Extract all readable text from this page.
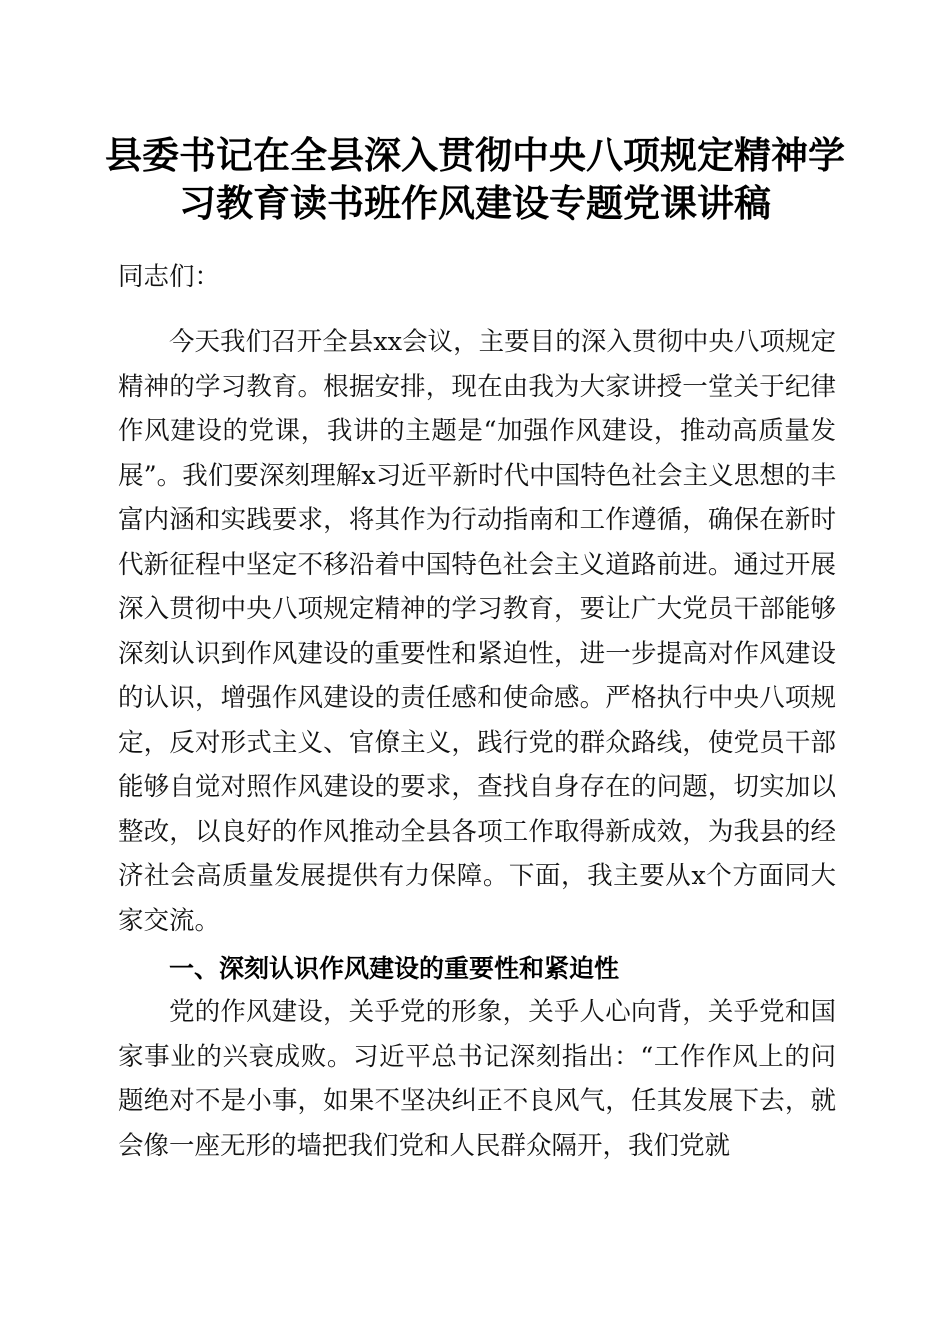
县委书记在全县深入贯彻中央八项规定精神学习教育读书班作风建设专题党课讲稿

同志们：

今天我们召开全县xx会议，主要目的深入贯彻中央八项规定精神的学习教育。根据安排，现在由我为大家讲授一堂关于纪律作风建设的党课，我讲的主题是“加强作风建设，推动高质量发展”。我们要深刻理解x习近平新时代中国特色社会主义思想的丰富内涵和实践要求，将其作为行动指南和工作遵循，确保在新时代新征程中坚定不移沿着中国特色社会主义道路前进。通过开展深入贯彻中央八项规定精神的学习教育，要让广大党员干部能够深刻认识到作风建设的重要性和紧迫性，进一步提高对作风建设的认识，增强作风建设的责任感和使命感。严格执行中央八项规定，反对形式主义、官僚主义，践行党的群众路线，使党员干部能够自觉对照作风建设的要求，查找自身存在的问题，切实加以整改，以良好的作风推动全县各项工作取得新成效，为我县的经济社会高质量发展提供有力保障。下面，我主要从x个方面同大家交流。

一、深刻认识作风建设的重要性和紧迫性

党的作风建设，关乎党的形象，关乎人心向背，关乎党和国家事业的兴衰成败。习近平总书记深刻指出：“工作作风上的问题绝对不是小事，如果不坚决纠正不良风气，任其发展下去，就会像一座无形的墙把我们党和人民群众隔开，我们党就
